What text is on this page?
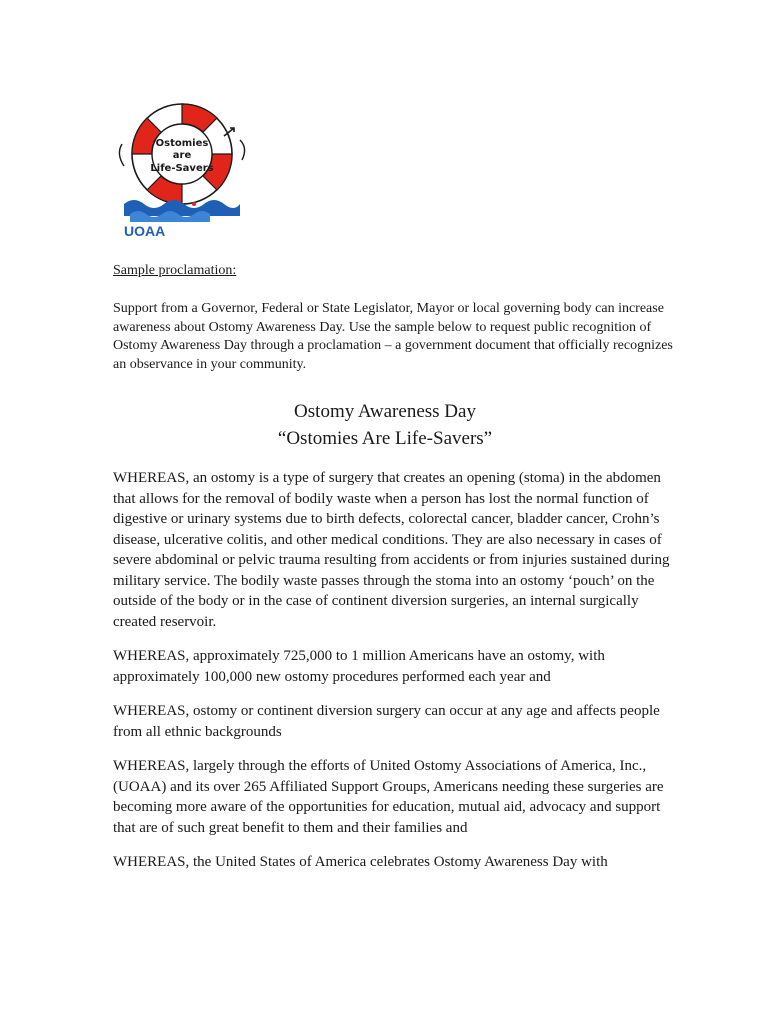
Ostomies
are
Life-Savers
UOAA
Sample proclamation:
Support from a Governor, Federal or State Legislator, Mayor or local governing body can increase awareness about Ostomy Awareness Day. Use the sample below to request public recognition of Ostomy Awareness Day through a proclamation – a government document that officially recognizes an observance in your community.
Ostomy Awareness Day
“Ostomies Are Life-Savers”

WHEREAS, an ostomy is a type of surgery that creates an opening (stoma) in the abdomen that allows for the removal of bodily waste when a person has lost the normal function of digestive or urinary systems due to birth defects, colorectal cancer, bladder cancer, Crohn’s disease, ulcerative colitis, and other medical conditions. They are also necessary in cases of severe abdominal or pelvic trauma resulting from accidents or from injuries sustained during military service. The bodily waste passes through the stoma into an ostomy ‘pouch’ on the outside of the body or in the case of continent diversion surgeries, an internal surgically created reservoir.

WHEREAS, approximately 725,000 to 1 million Americans have an ostomy, with approximately 100,000 new ostomy procedures performed each year and

WHEREAS, ostomy or continent diversion surgery can occur at any age and affects people from all ethnic backgrounds

WHEREAS, largely through the efforts of United Ostomy Associations of America, Inc., (UOAA) and its over 265 Affiliated Support Groups, Americans needing these surgeries are becoming more aware of the opportunities for education, mutual aid, advocacy and support that are of such great benefit to them and their families and

WHEREAS, the United States of America celebrates Ostomy Awareness Day with
